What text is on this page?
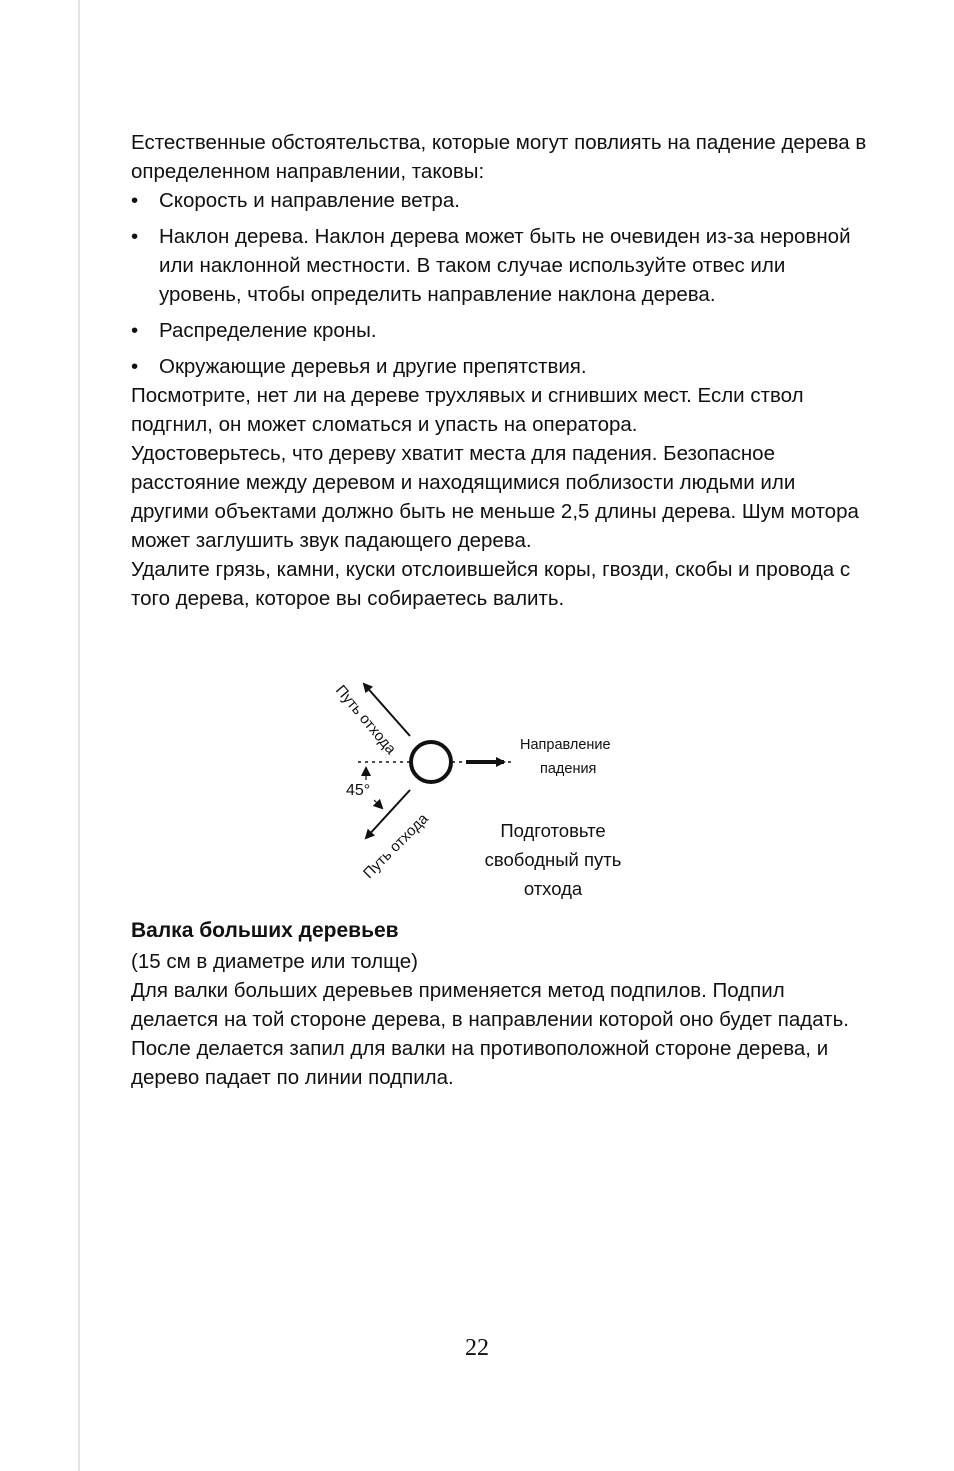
Естественные обстоятельства, которые могут повлиять на падение дерева в определенном направлении, таковы:

• Скорость и направление ветра.
• Наклон дерева. Наклон дерева может быть не очевиден из-за неровной или наклонной местности. В таком случае используйте отвес или уровень, чтобы определить направление наклона дерева.
• Распределение кроны.
• Окружающие деревья и другие препятствия.

Посмотрите, нет ли на дереве трухлявых и сгнивших мест. Если ствол подгнил, он может сломаться и упасть на оператора.

Удостоверьтесь, что дереву хватит места для падения. Безопасное расстояние между деревом и находящимися поблизости людьми или другими объектами должно быть не меньше 2,5 длины дерева. Шум мотора может заглушить звук падающего дерева.

Удалите грязь, камни, куски отслоившейся коры, гвозди, скобы и провода с того дерева, которое вы собираетесь валить.

Путь отхода
Путь отхода
45°
Направление
падения
Подготовьте
свободный путь
отхода
Валка больших деревьев

(15 см в диаметре или толще)

Для валки больших деревьев применяется метод подпилов. Подпил делается на той стороне дерева, в направлении которой оно будет падать. После делается запил для валки на противоположной стороне дерева, и дерево падает по линии подпила.

22
